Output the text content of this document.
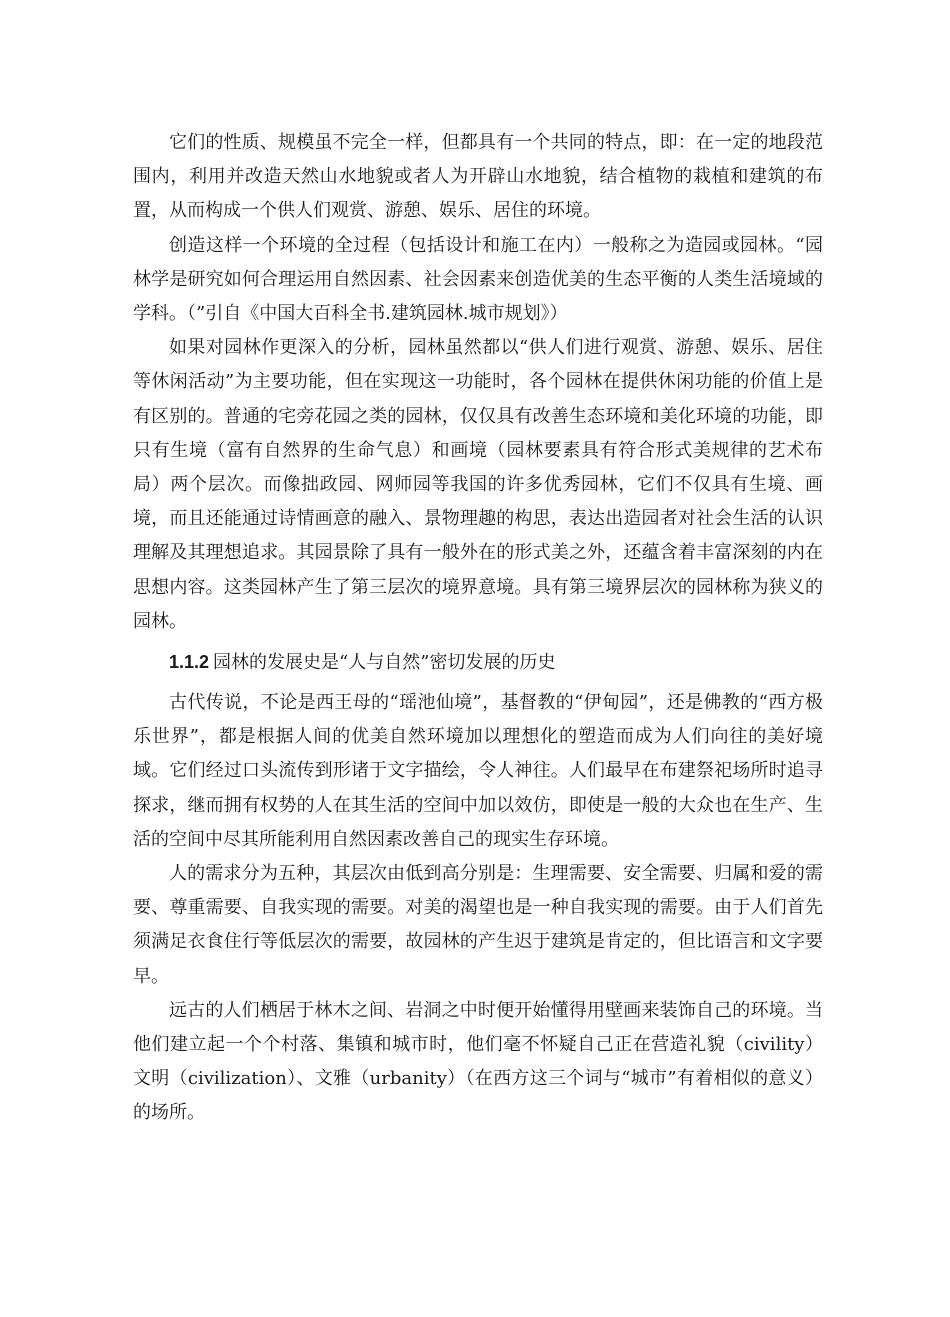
它们的性质、规模虽不完全一样，但都具有一个共同的特点，即：在一定的地段范围内，利用并改造天然山水地貌或者人为开辟山水地貌，结合植物的栽植和建筑的布置，从而构成一个供人们观赏、游憩、娱乐、居住的环境。

创造这样一个环境的全过程（包括设计和施工在内）一般称之为造园或园林。“园林学是研究如何合理运用自然因素、社会因素来创造优美的生态平衡的人类生活境域的学科。（”引自《中国大百科全书.建筑园林.城市规划》）

如果对园林作更深入的分析，园林虽然都以“供人们进行观赏、游憩、娱乐、居住等休闲活动”为主要功能，但在实现这一功能时，各个园林在提供休闲功能的价值上是有区别的。普通的宅旁花园之类的园林，仅仅具有改善生态环境和美化环境的功能，即只有生境（富有自然界的生命气息）和画境（园林要素具有符合形式美规律的艺术布局）两个层次。而像拙政园、网师园等我国的许多优秀园林，它们不仅具有生境、画境，而且还能通过诗情画意的融入、景物理趣的构思，表达出造园者对社会生活的认识理解及其理想追求。其园景除了具有一般外在的形式美之外，还蕴含着丰富深刻的内在思想内容。这类园林产生了第三层次的境界意境。具有第三境界层次的园林称为狭义的园林。

1.1.2 园林的发展史是“人与自然”密切发展的历史

古代传说，不论是西王母的“瑶池仙境”，基督教的“伊甸园”，还是佛教的“西方极乐世界”，都是根据人间的优美自然环境加以理想化的塑造而成为人们向往的美好境域。它们经过口头流传到形诸于文字描绘，令人神往。人们最早在布建祭祀场所时追寻探求，继而拥有权势的人在其生活的空间中加以效仿，即使是一般的大众也在生产、生活的空间中尽其所能利用自然因素改善自己的现实生存环境。

人的需求分为五种，其层次由低到高分别是：生理需要、安全需要、归属和爱的需要、尊重需要、自我实现的需要。对美的渴望也是一种自我实现的需要。由于人们首先须满足衣食住行等低层次的需要，故园林的产生迟于建筑是肯定的，但比语言和文字要早。

远古的人们栖居于林木之间、岩洞之中时便开始懂得用壁画来装饰自己的环境。当他们建立起一个个村落、集镇和城市时，他们毫不怀疑自己正在营造礼貌（civility）文明（civilization）、文雅（urbanity）（在西方这三个词与“城市”有着相似的意义）的场所。
